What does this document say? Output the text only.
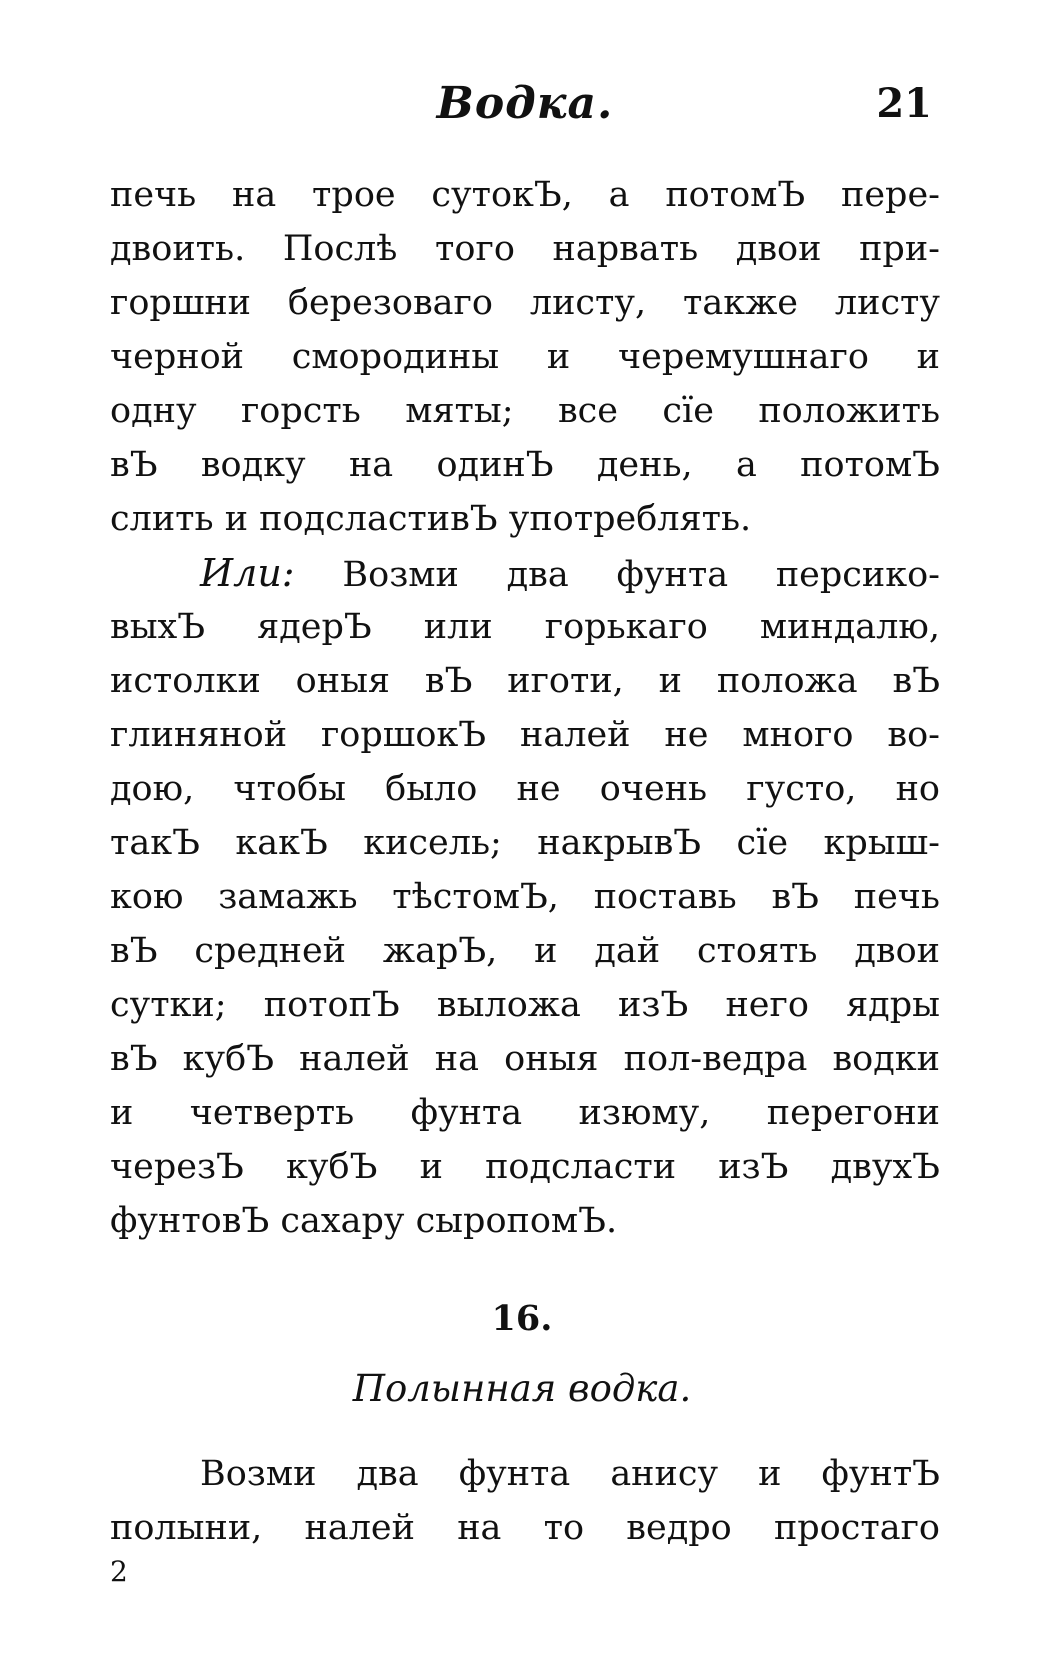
Водка.	21
печь на трое сутокЪ, а потомЪ пере-
двоить. Послѣ того нарвать двои при-
горшни березоваго листу, также листу
черной смородины и черемушнаго и
одну горсть мяты; все сїе положить
вЪ водку на одинЪ день, а потомЪ
слить и подсластивЪ употреблять.
Или: Возми два фунта персико-
выхЪ ядерЪ или горькаго миндалю,
истолки оныя вЪ иготи, и положа вЪ
глиняной горшокЪ налей не много во-
дою, чтобы было не очень густо, но
такЪ какЪ кисель; накрывЪ сїе крыш-
кою замажь тѣстомЪ, поставь вЪ печь
вЪ средней жарЪ, и дай стоять двои
сутки; потопЪ выложа изЪ него ядры
вЪ кубЪ налей на оныя пол-ведра водки
и четверть фунта изюму, перегони
черезЪ кубЪ и подсласти изЪ двухЪ
фунтовЪ сахару сыропомЪ.
16.
Полынная водка.
Возми два фунта анису и фунтЪ
полыни, налей на то ведро простаго
2
